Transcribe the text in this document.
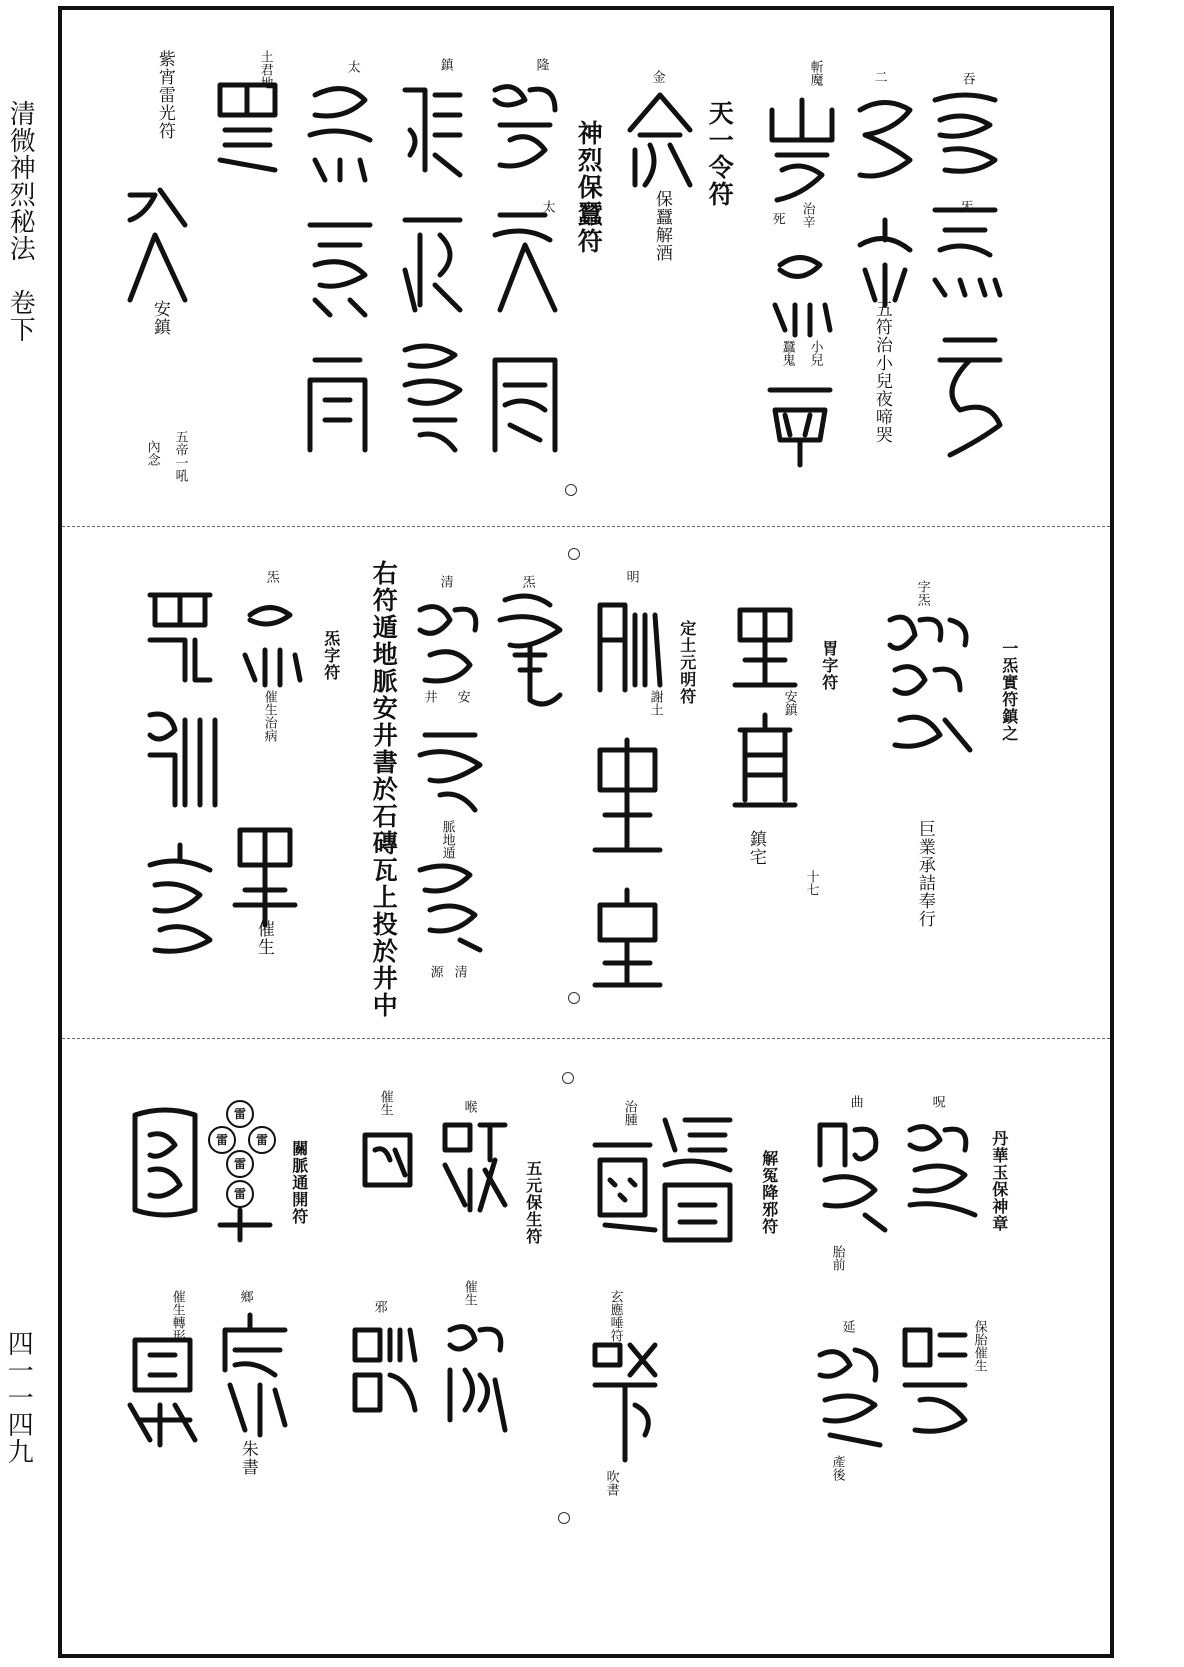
清微神烈秘法　卷下
四一一四九
吞
炁
五符治小兒夜啼哭
二
斬魔
治辛
死
小兒
蠶鬼
天一令符
金
保蠶解酒
神烈保蠶符
隆
太
鎮
太
土君地
紫宵雷光符
安鎮
五帝一吼
內念
一炁實符鎮之
字炁
巨業承詰奉行
胃字符
安鎮
鎮宅
十七
定土元明符
明
謝土
炁
清
安
井
脈地遁
清
源
右符遁地脈安井書於石磚瓦上投於井中
炁字符
炁
催生治病
催生
丹華玉保神章
保胎催生
呪
曲
胎前
延
產後
解冤降邪符
治腫
玄應唾符
吹書
五元保生符
喉
催生
催生
邪
關脈通開符
雷
雷	雷
雷
雷
鄉
朱書
催生轉形
